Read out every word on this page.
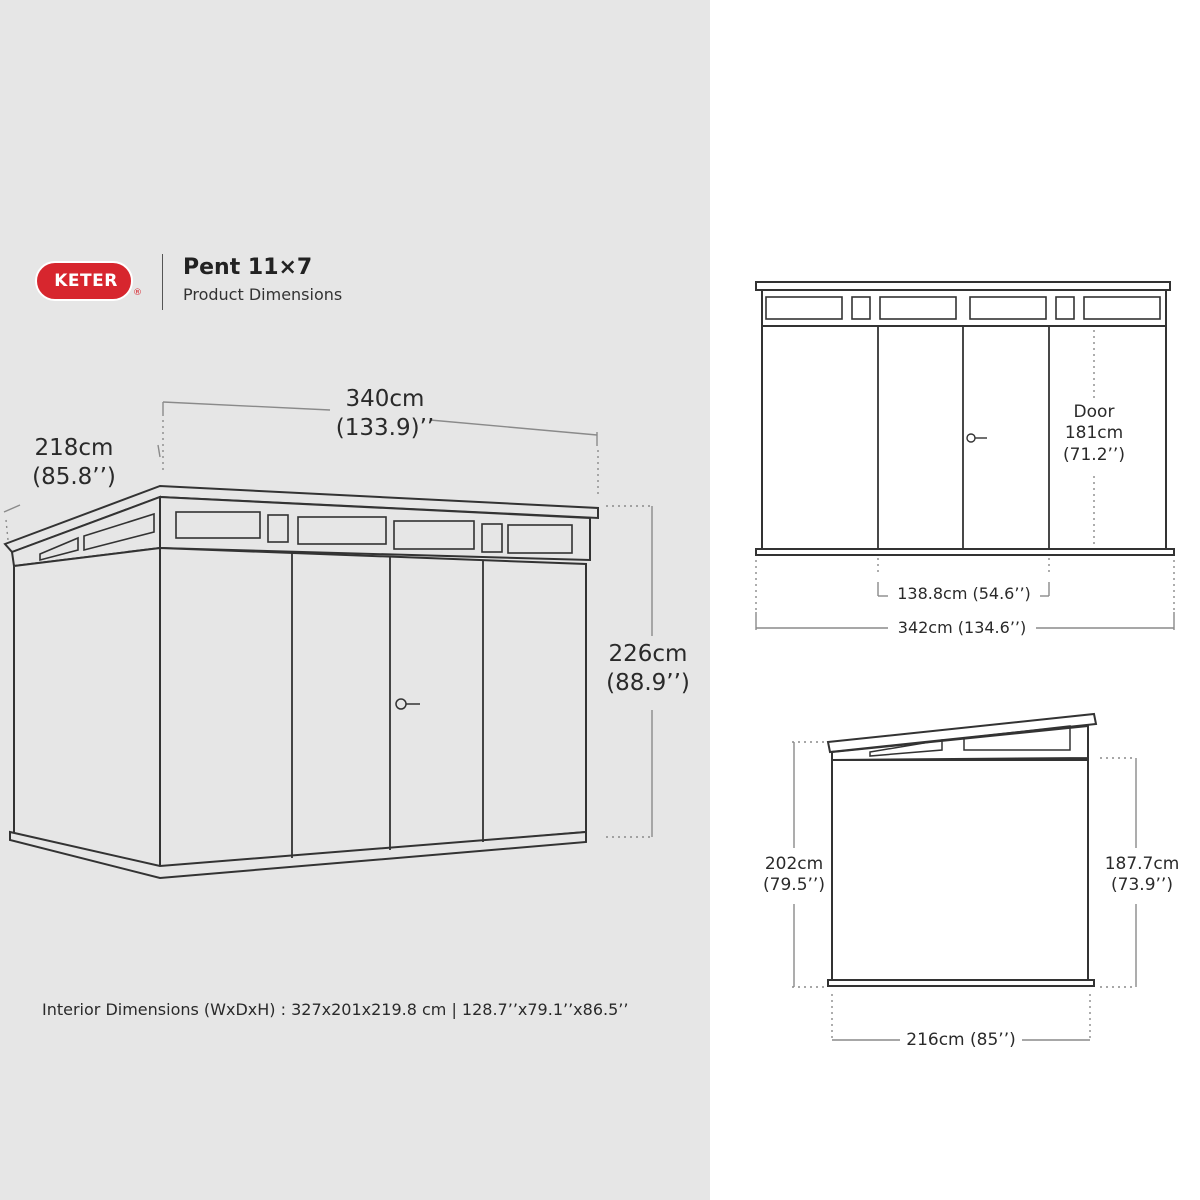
KETER
®
Pent 11×7
Product Dimensions
340cm
(133.9)’’
218cm
(85.8’’)
226cm
(88.9’’)
Interior Dimensions (WxDxH) : 327x201x219.8 cm | 128.7’’x79.1’’x86.5’’
Door
181cm
(71.2’’)
138.8cm (54.6’’)
342cm (134.6’’)
202cm
(79.5’’)
187.7cm
(73.9’’)
216cm (85’’)
